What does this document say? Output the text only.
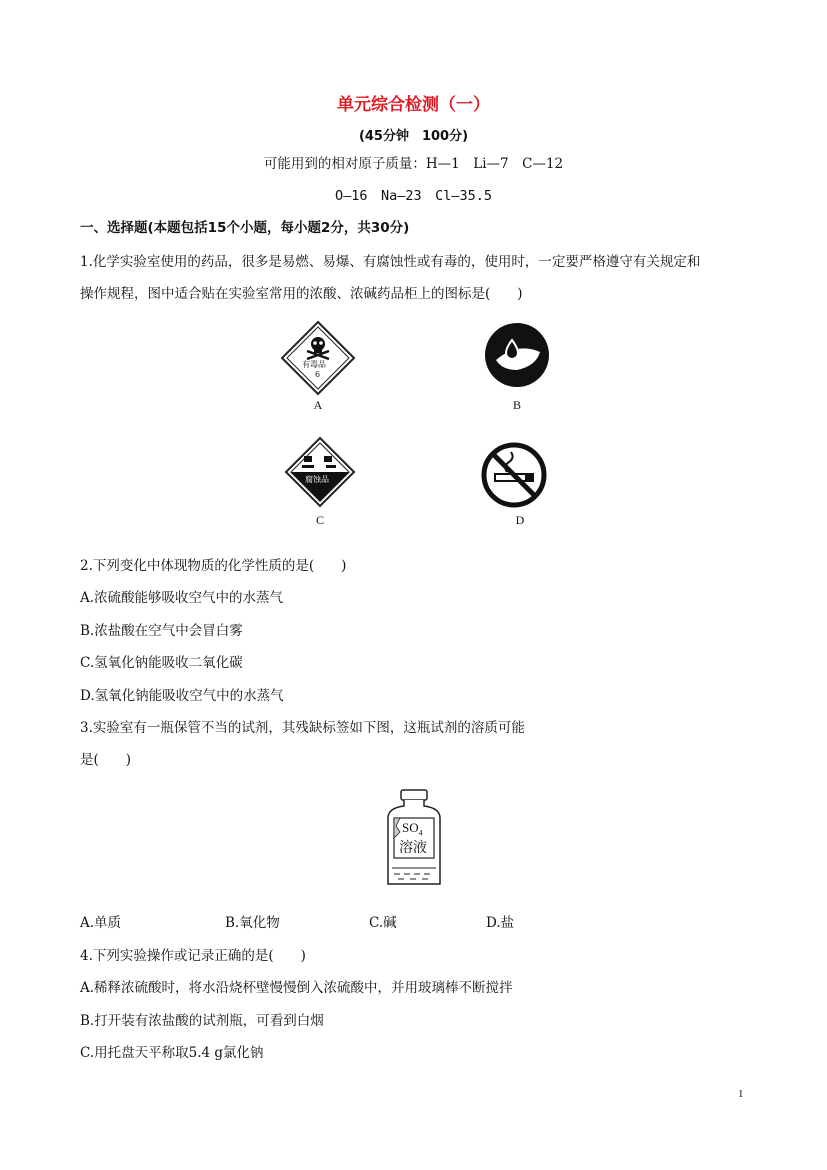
单元综合检测（一）
(45分钟　100分)
可能用到的相对原子质量：H—1　Li—7　C—12
O—16　Na—23　Cl—35.5
一、选择题(本题包括15个小题，每小题2分，共30分)
1.化学实验室使用的药品，很多是易燃、易爆、有腐蚀性或有毒的，使用时，一定要严格遵守有关规定和
操作规程，图中适合贴在实验室常用的浓酸、浓碱药品柜上的图标是(　　)
有毒品
6
A	B
腐蚀品
C	D
2.下列变化中体现物质的化学性质的是(　　)
A.浓硫酸能够吸收空气中的水蒸气
B.浓盐酸在空气中会冒白雾
C.氢氧化钠能吸收二氧化碳
D.氢氧化钠能吸收空气中的水蒸气
3.实验室有一瓶保管不当的试剂，其残缺标签如下图，这瓶试剂的溶质可能
是(　　)
$SO_4$
溶液
A.单质	B.氧化物	C.碱	D.盐
4.下列实验操作或记录正确的是(　　)
A.稀释浓硫酸时，将水沿烧杯壁慢慢倒入浓硫酸中，并用玻璃棒不断搅拌
B.打开装有浓盐酸的试剂瓶，可看到白烟
C.用托盘天平称取5.4 g氯化钠
1
